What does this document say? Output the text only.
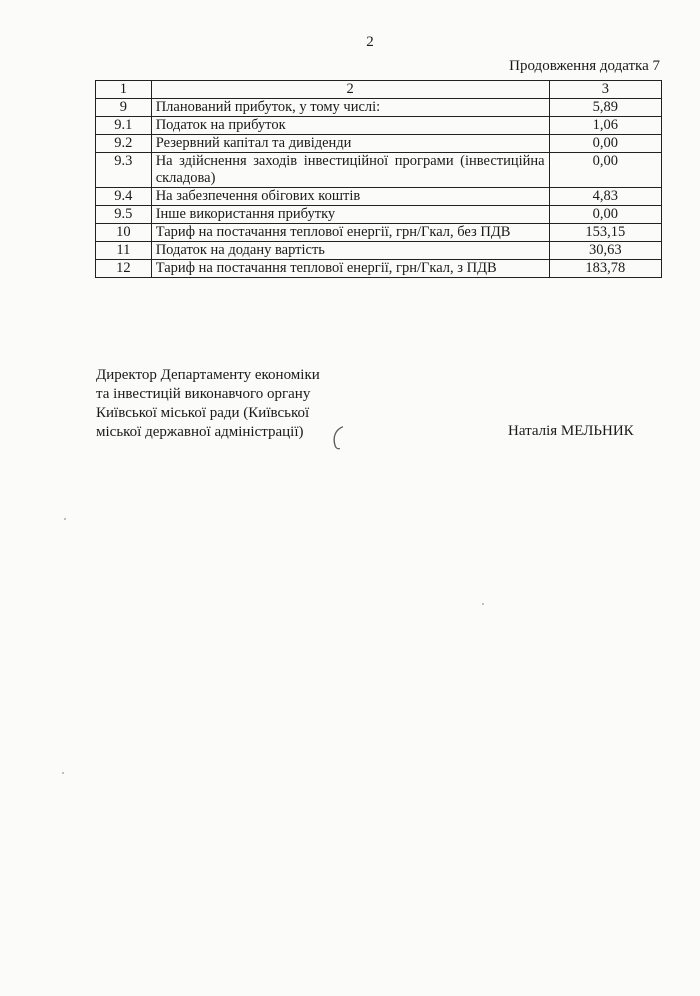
2
Продовження додатка 7
1	2	3
9	Планований прибуток, у тому числі:	5,89
9.1	Податок на прибуток	1,06
9.2	Резервний капітал та дивіденди	0,00
9.3	На здійснення заходів інвестиційної програми (інвестиційна складова)	0,00
9.4	На забезпечення обігових коштів	4,83
9.5	Інше використання прибутку	0,00
10	Тариф на постачання теплової енергії, грн/Гкал, без ПДВ	153,15
11	Податок на додану вартість	30,63
12	Тариф на постачання теплової енергії, грн/Гкал, з ПДВ	183,78
Директор Департаменту економіки
та інвестицій виконавчого органу
Київської міської ради (Київської
міської державної адміністрації)	Наталія МЕЛЬНИК
